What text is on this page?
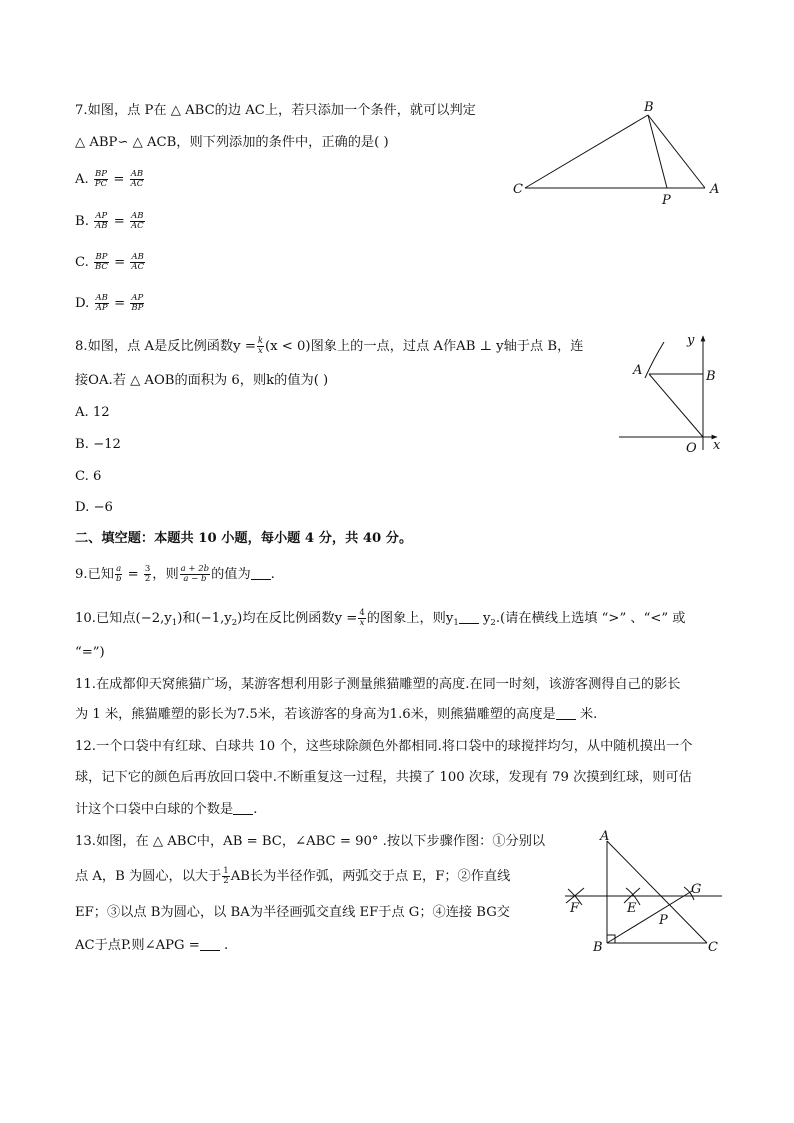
7.如图，点 P在 △ ABC的边 AC上，若只添加一个条件，就可以判定
△ ABP∽ △ ACB，则下列添加的条件中，正确的是( )
A. $\frac{BP}{PC} = \frac{AB}{AC}$
B. $\frac{AP}{AB} = \frac{AB}{AC}$
C. $\frac{BP}{BC} = \frac{AB}{AC}$
D. $\frac{AB}{AP} = \frac{AP}{BP}$
B
C
P
A
8.如图，点 A是反比例函数$y = \frac{k}{x} (x < 0)$图象上的一点，过点 A作AB ⊥ y轴于点 B，连
接OA.若 △ AOB的面积为 6，则k的值为( )
A. 12
B. −12
C. 6
D. −6
A	B
O x
y
二、填空题：本题共 10 小题，每小题 4 分，共 40 分。
9.已知 $\frac{a}{b} = \frac{3}{2}$ ，则 $\frac{a + 2b}{a - b}$ 的值为 .
10.已知点$(-2,y_1)$和$(-1,y_2)$均在反比例函数$y = \frac{4}{x}$ 的图象上，则$y_1$ $y_2$.(请在横线上选填 “>” 、“<” 或
“=”)
11.在成都仰天窝熊猫广场，某游客想利用影子测量熊猫雕塑的高度.在同一时刻，该游客测得自己的影长
为 1 米，熊猫雕塑的影长为7.5米，若该游客的身高为1.6米，则熊猫雕塑的高度是 米.
12.一个口袋中有红球、白球共 10 个，这些球除颜色外都相同.将口袋中的球搅拌均匀，从中随机摸出一个
球，记下它的颜色后再放回口袋中.不断重复这一过程，共摸了 100 次球，发现有 79 次摸到红球，则可估
计这个口袋中白球的个数是 .
13.如图，在 △ ABC中，AB = BC，∠ABC = 90° .按以下步骤作图：①分别以
点 A，B 为圆心，以大于 $\frac{1}{2}$ AB长为半径作弧，两弧交于点 E，F；②作直线
EF；③以点 B为圆心，以 BA为半径画弧交直线 EF于点 G；④连接 BG交
AC于点P.则∠APG = .
A
B	C
E
F
G
P
